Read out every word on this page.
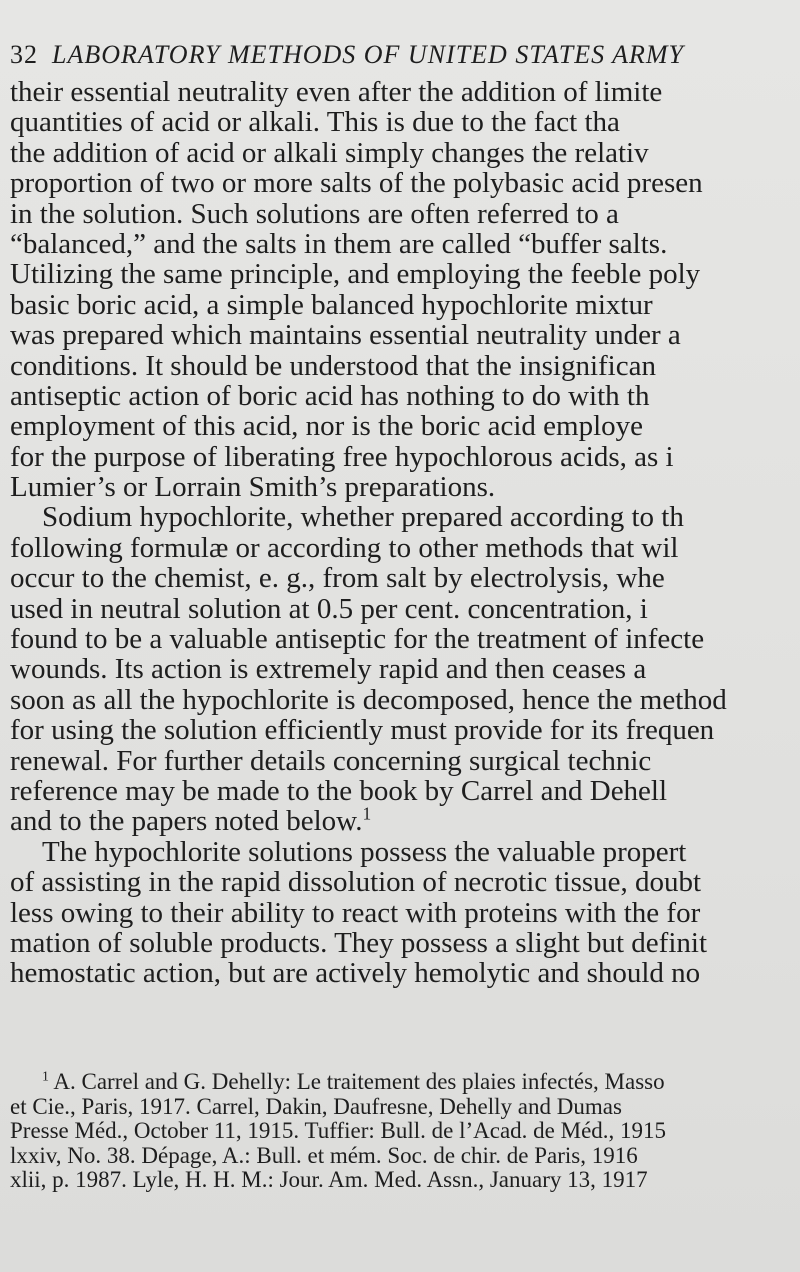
32 LABORATORY METHODS OF UNITED STATES ARMY
their essential neutrality even after the addition of limite
quantities of acid or alkali. This is due to the fact tha
the addition of acid or alkali simply changes the relativ
proportion of two or more salts of the polybasic acid presen
in the solution. Such solutions are often referred to a
“balanced,” and the salts in them are called “buffer salts.
Utilizing the same principle, and employing the feeble poly
basic boric acid, a simple balanced hypochlorite mixtur
was prepared which maintains essential neutrality under a
conditions. It should be understood that the insignifican
antiseptic action of boric acid has nothing to do with th
employment of this acid, nor is the boric acid employe
for the purpose of liberating free hypochlorous acids, as i
Lumier’s or Lorrain Smith’s preparations.
Sodium hypochlorite, whether prepared according to th
following formulæ or according to other methods that wil
occur to the chemist, e. g., from salt by electrolysis, whe
used in neutral solution at 0.5 per cent. concentration, i
found to be a valuable antiseptic for the treatment of infecte
wounds. Its action is extremely rapid and then ceases a
soon as all the hypochlorite is decomposed, hence the method
for using the solution efficiently must provide for its frequen
renewal. For further details concerning surgical technic
reference may be made to the book by Carrel and Dehell
and to the papers noted below.$^1$
The hypochlorite solutions possess the valuable propert
of assisting in the rapid dissolution of necrotic tissue, doubt
less owing to their ability to react with proteins with the for
mation of soluble products. They possess a slight but definit
hemostatic action, but are actively hemolytic and should no
$^1$ A. Carrel and G. Dehelly: Le traitement des plaies infectés, Masso
et Cie., Paris, 1917. Carrel, Dakin, Daufresne, Dehelly and Dumas
Presse Méd., October 11, 1915. Tuffier: Bull. de l’Acad. de Méd., 1915
lxxiv, No. 38. Dépage, A.: Bull. et mém. Soc. de chir. de Paris, 1916
xlii, p. 1987. Lyle, H. H. M.: Jour. Am. Med. Assn., January 13, 1917
